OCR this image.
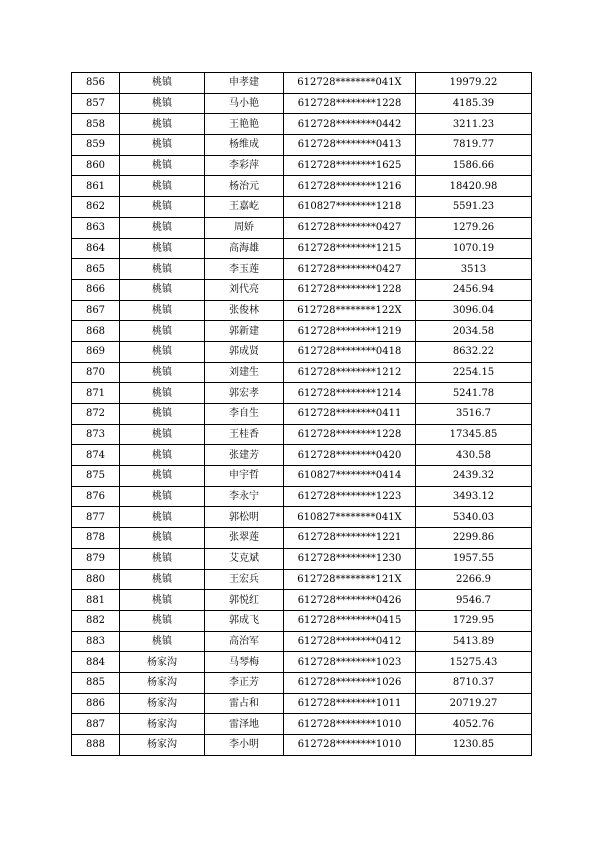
856	桃镇	申孝建	612728********041X	19979.22
857	桃镇	马小艳	612728********1228	4185.39
858	桃镇	王艳艳	612728********0442	3211.23
859	桃镇	杨维成	612728********0413	7819.77
860	桃镇	李彩萍	612728********1625	1586.66
861	桃镇	杨治元	612728********1216	18420.98
862	桃镇	王嘉屹	610827********1218	5591.23
863	桃镇	周娇	612728********0427	1279.26
864	桃镇	高海雄	612728********1215	1070.19
865	桃镇	李玉莲	612728********0427	3513
866	桃镇	刘代亮	612728********1228	2456.94
867	桃镇	张俊林	612728********122X	3096.04
868	桃镇	郭新建	612728********1219	2034.58
869	桃镇	郭成贤	612728********0418	8632.22
870	桃镇	刘建生	612728********1212	2254.15
871	桃镇	郭宏孝	612728********1214	5241.78
872	桃镇	李自生	612728********0411	3516.7
873	桃镇	王桂香	612728********1228	17345.85
874	桃镇	张建芳	612728********0420	430.58
875	桃镇	申宇哲	610827********0414	2439.32
876	桃镇	李永宁	612728********1223	3493.12
877	桃镇	郭松明	610827********041X	5340.03
878	桃镇	张翠莲	612728********1221	2299.86
879	桃镇	艾克斌	612728********1230	1957.55
880	桃镇	王宏兵	612728********121X	2266.9
881	桃镇	郭悦红	612728********0426	9546.7
882	桃镇	郭成飞	612728********0415	1729.95
883	桃镇	高治军	612728********0412	5413.89
884	杨家沟	马琴梅	612728********1023	15275.43
885	杨家沟	李正芳	612728********1026	8710.37
886	杨家沟	雷占和	612728********1011	20719.27
887	杨家沟	雷泽地	612728********1010	4052.76
888	杨家沟	李小明	612728********1010	1230.85
